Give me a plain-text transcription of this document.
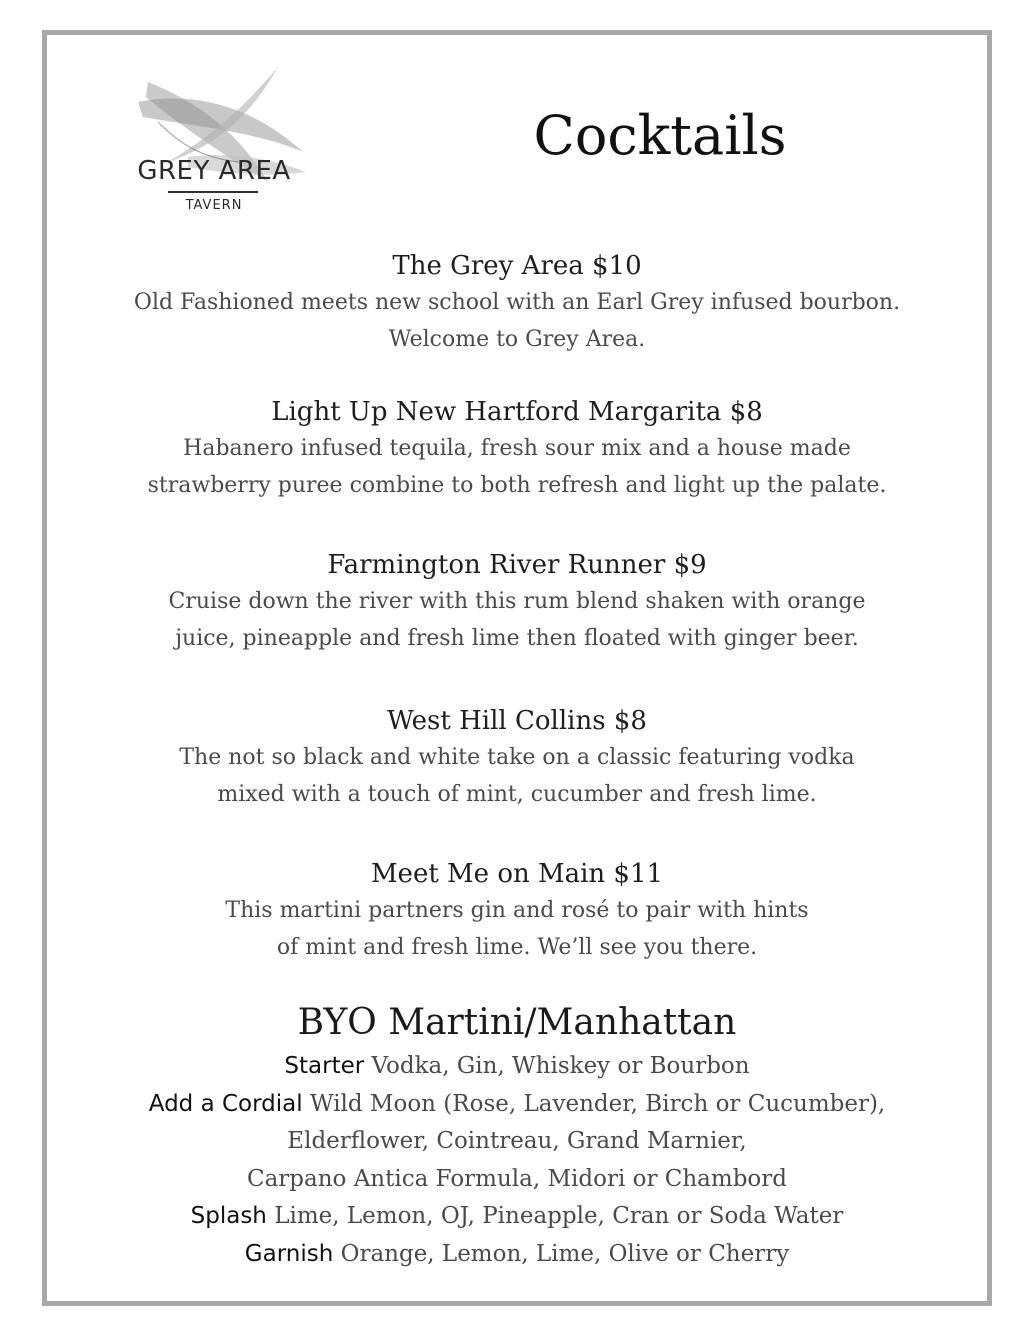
GREY AREA
TAVERN
Cocktails
The Grey Area $10
Old Fashioned meets new school with an Earl Grey infused bourbon.
Welcome to Grey Area.
Light Up New Hartford Margarita $8
Habanero infused tequila, fresh sour mix and a house made
strawberry puree combine to both refresh and light up the palate.
Farmington River Runner $9
Cruise down the river with this rum blend shaken with orange
juice, pineapple and fresh lime then floated with ginger beer.
West Hill Collins $8
The not so black and white take on a classic featuring vodka
mixed with a touch of mint, cucumber and fresh lime.
Meet Me on Main $11
This martini partners gin and rosé to pair with hints
of mint and fresh lime. We’ll see you there.
BYO Martini/Manhattan
Starter Vodka, Gin, Whiskey or Bourbon
Add a Cordial Wild Moon (Rose, Lavender, Birch or Cucumber),
Elderflower, Cointreau, Grand Marnier,
Carpano Antica Formula, Midori or Chambord
Splash Lime, Lemon, OJ, Pineapple, Cran or Soda Water
Garnish Orange, Lemon, Lime, Olive or Cherry
